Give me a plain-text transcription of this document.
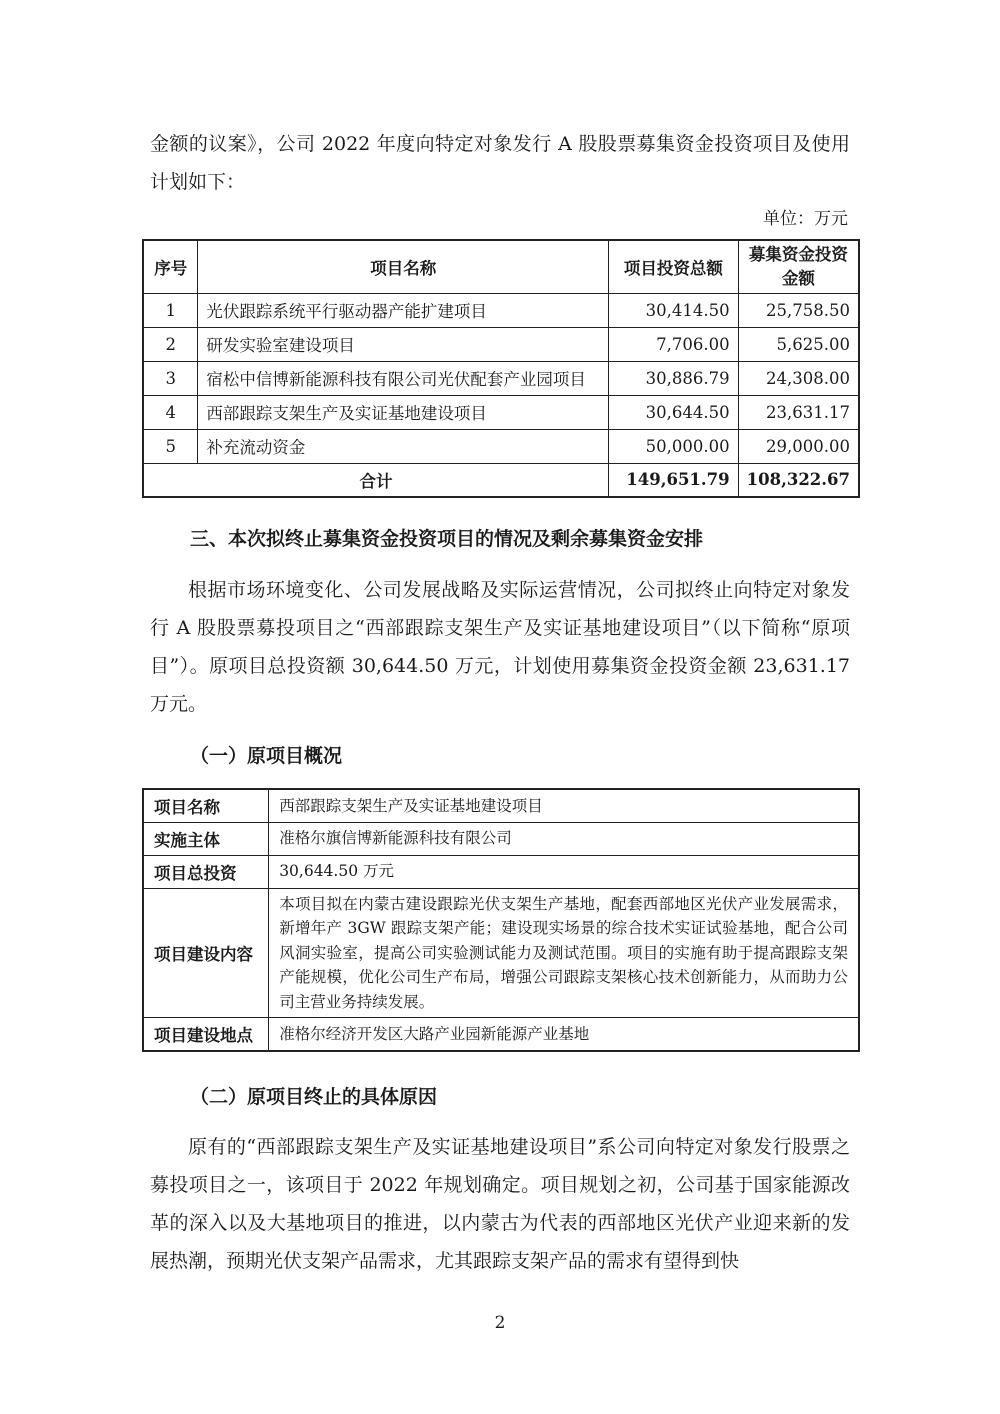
金额的议案》，公司 2022 年度向特定对象发行 A 股股票募集资金投资项目及使用计划如下：

单位：万元
序号	项目名称	项目投资总额	募集资金投资金额
1	光伏跟踪系统平行驱动器产能扩建项目	30,414.50	25,758.50
2	研发实验室建设项目	7,706.00	5,625.00
3	宿松中信博新能源科技有限公司光伏配套产业园项目	30,886.79	24,308.00
4	西部跟踪支架生产及实证基地建设项目	30,644.50	23,631.17
5	补充流动资金	50,000.00	29,000.00
合计		149,651.79	108,322.67

三、本次拟终止募集资金投资项目的情况及剩余募集资金安排

根据市场环境变化、公司发展战略及实际运营情况，公司拟终止向特定对象发行 A 股股票募投项目之“西部跟踪支架生产及实证基地建设项目”（以下简称“原项目”）。原项目总投资额 30,644.50 万元，计划使用募集资金投资金额 23,631.17 万元。

（一）原项目概况

项目名称	西部跟踪支架生产及实证基地建设项目
实施主体	准格尔旗信博新能源科技有限公司
项目总投资	30,644.50 万元
项目建设内容	本项目拟在内蒙古建设跟踪光伏支架生产基地，配套西部地区光伏产业发展需求，新增年产 3GW 跟踪支架产能；建设现实场景的综合技术实证试验基地，配合公司风洞实验室，提高公司实验测试能力及测试范围。项目的实施有助于提高跟踪支架产能规模，优化公司生产布局，增强公司跟踪支架核心技术创新能力，从而助力公司主营业务持续发展。
项目建设地点	准格尔经济开发区大路产业园新能源产业基地

（二）原项目终止的具体原因

原有的“西部跟踪支架生产及实证基地建设项目”系公司向特定对象发行股票之募投项目之一，该项目于 2022 年规划确定。项目规划之初，公司基于国家能源改革的深入以及大基地项目的推进，以内蒙古为代表的西部地区光伏产业迎来新的发展热潮，预期光伏支架产品需求，尤其跟踪支架产品的需求有望得到快

2
